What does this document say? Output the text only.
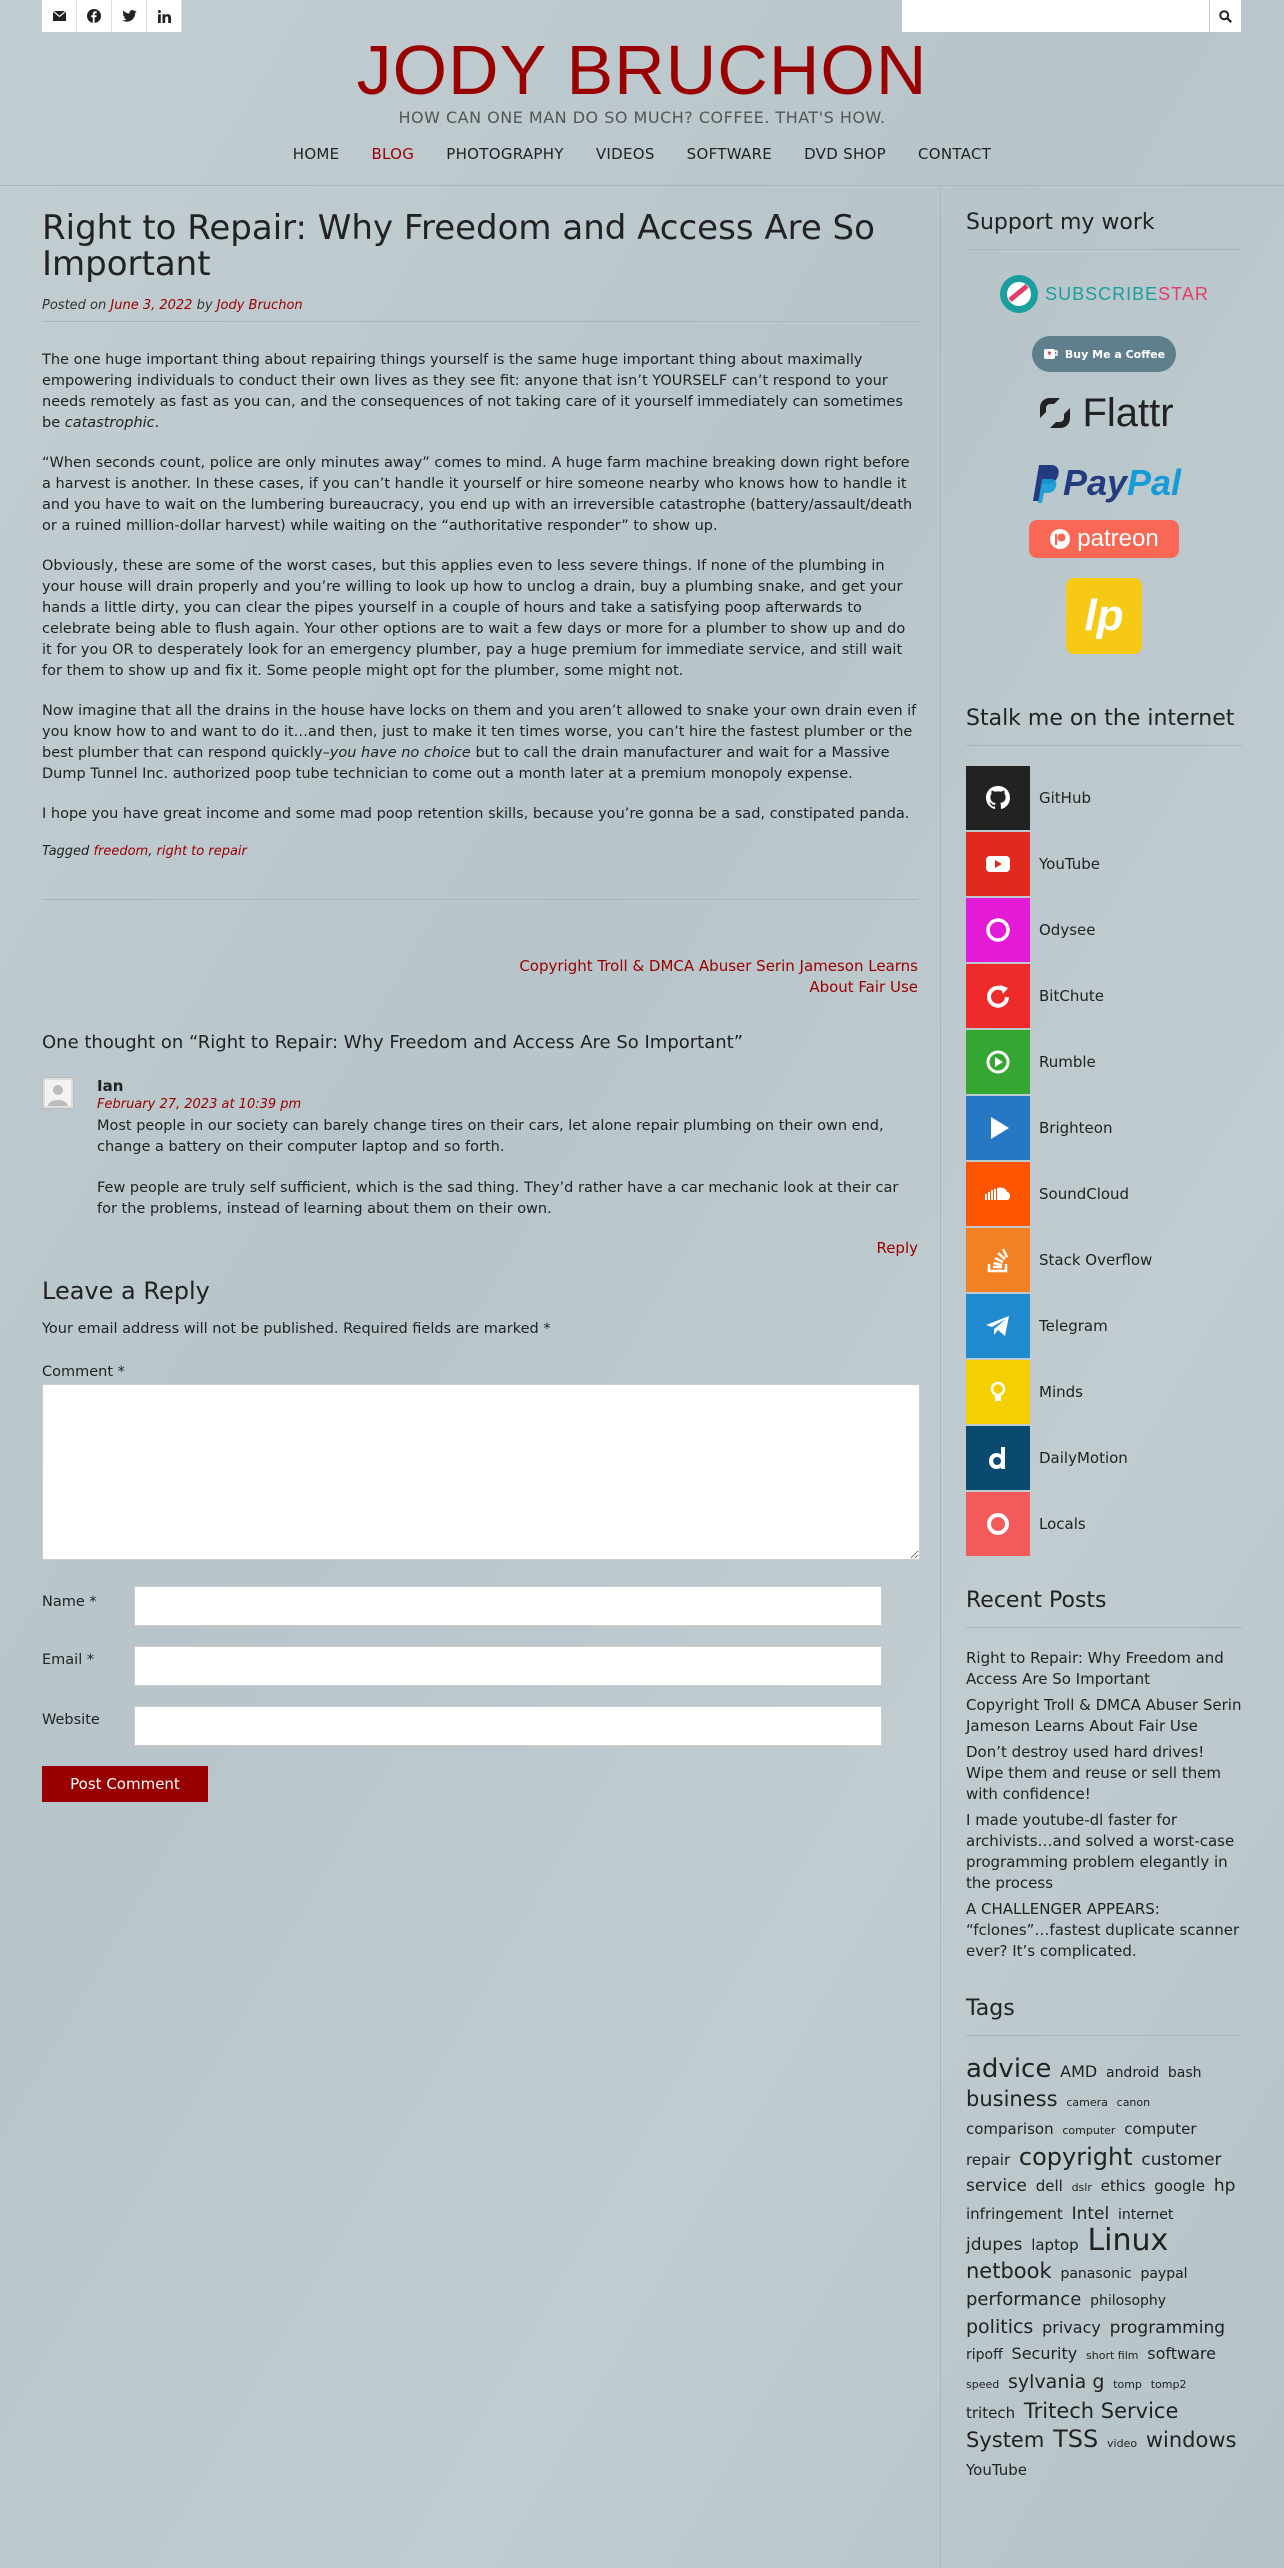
JODY BRUCHON
HOW CAN ONE MAN DO SO MUCH? COFFEE. THAT'S HOW.
HOME	BLOG	PHOTOGRAPHY	VIDEOS	SOFTWARE	DVD SHOP	CONTACT
Right to Repair: Why Freedom and Access Are So Important
Posted on June 3, 2022 by Jody Bruchon

The one huge important thing about repairing things yourself is the same huge important thing about maximally empowering individuals to conduct their own lives as they see fit: anyone that isn’t YOURSELF can’t respond to your needs remotely as fast as you can, and the consequences of not taking care of it yourself immediately can sometimes be catastrophic.

“When seconds count, police are only minutes away” comes to mind. A huge farm machine breaking down right before a harvest is another. In these cases, if you can’t handle it yourself or hire someone nearby who knows how to handle it and you have to wait on the lumbering bureaucracy, you end up with an irreversible catastrophe (battery/assault/death or a ruined million-dollar harvest) while waiting on the “authoritative responder” to show up.

Obviously, these are some of the worst cases, but this applies even to less severe things. If none of the plumbing in your house will drain properly and you’re willing to look up how to unclog a drain, buy a plumbing snake, and get your hands a little dirty, you can clear the pipes yourself in a couple of hours and take a satisfying poop afterwards to celebrate being able to flush again. Your other options are to wait a few days or more for a plumber to show up and do it for you OR to desperately look for an emergency plumber, pay a huge premium for immediate service, and still wait for them to show up and fix it. Some people might opt for the plumber, some might not.

Now imagine that all the drains in the house have locks on them and you aren’t allowed to snake your own drain even if you know how to and want to do it…and then, just to make it ten times worse, you can’t hire the fastest plumber or the best plumber that can respond quickly–you have no choice but to call the drain manufacturer and wait for a Massive Dump Tunnel Inc. authorized poop tube technician to come out a month later at a premium monopoly expense.

I hope you have great income and some mad poop retention skills, because you’re gonna be a sad, constipated panda.

Tagged freedom, right to repair
Copyright Troll & DMCA Abuser Serin Jameson Learns About Fair Use
One thought on “Right to Repair: Why Freedom and Access Are So Important”
Ian
February 27, 2023 at 10:39 pm

Most people in our society can barely change tires on their cars, let alone repair plumbing on their own end, change a battery on their computer laptop and so forth.

Few people are truly self sufficient, which is the sad thing. They’d rather have a car mechanic look at their car for the problems, instead of learning about them on their own.

Reply
Leave a Reply
Your email address will not be published. Required fields are marked *
Comment *
Name *
Email *
Website
Post Comment
Support my work
SUBSCRIBESTAR
Buy Me a Coffee
Flattr
PayPal
patreon
lp
Stalk me on the internet
GitHub
YouTube
Odysee
BitChute
Rumble
Brighteon
SoundCloud
Stack Overflow
Telegram
Minds
DailyMotion
Locals
Recent Posts

Right to Repair: Why Freedom and Access Are So Important

Copyright Troll & DMCA Abuser Serin Jameson Learns About Fair Use

Don’t destroy used hard drives! Wipe them and reuse or sell them with confidence!

I made youtube-dl faster for archivists…and solved a worst-case programming problem elegantly in the process

A CHALLENGER APPEARS: “fclones”…fastest duplicate scanner ever? It’s complicated.

Tags
advice AMD android bash business camera canon comparison computer computer repair copyright customer service dell dslr ethics google hp infringement Intel internet jdupes laptop Linux netbook panasonic paypal performance philosophy politics privacy programming ripoff Security short film software speed sylvania g tomp tomp2 tritech Tritech Service System TSS video windows YouTube
